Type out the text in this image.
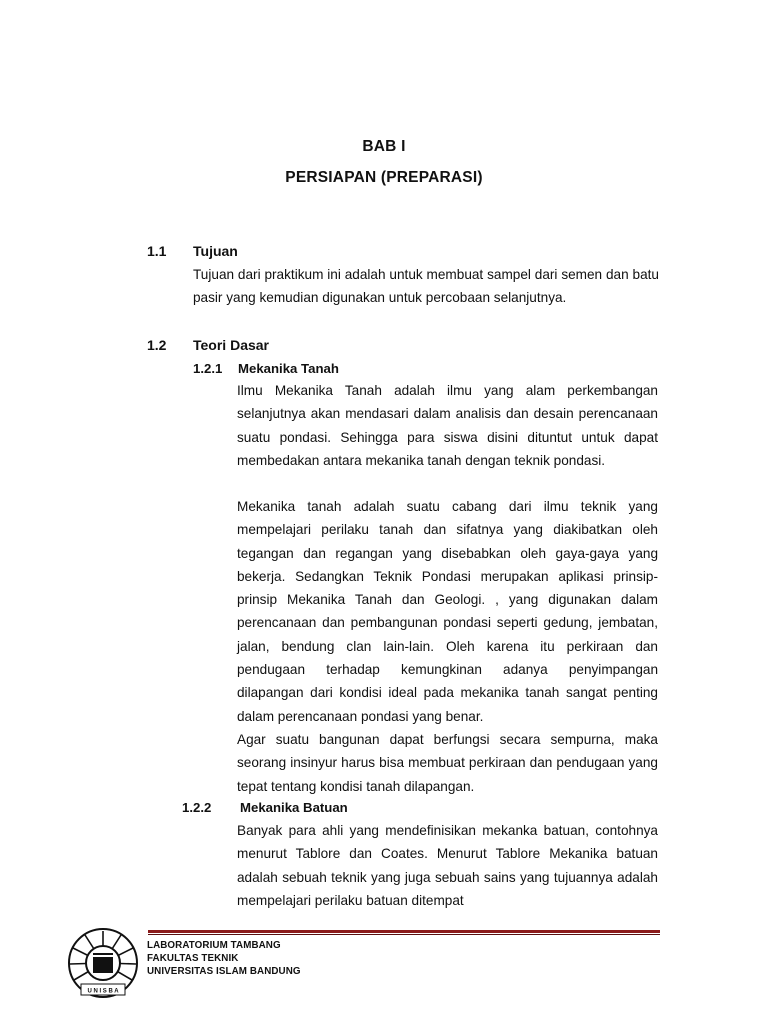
BAB I
PERSIAPAN (PREPARASI)
1.1 Tujuan

Tujuan dari praktikum ini adalah untuk membuat sampel dari semen dan batu pasir yang kemudian digunakan untuk percobaan selanjutnya.

1.2 Teori Dasar
1.2.1 Mekanika Tanah

Ilmu Mekanika Tanah adalah ilmu yang alam perkembangan selanjutnya akan mendasari dalam analisis dan desain perencanaan suatu pondasi. Sehingga para siswa disini dituntut untuk dapat membedakan antara mekanika tanah dengan teknik pondasi.

Mekanika tanah adalah suatu cabang dari ilmu teknik yang mempelajari perilaku tanah dan sifatnya yang diakibatkan oleh tegangan dan regangan yang disebabkan oleh gaya-gaya yang bekerja. Sedangkan Teknik Pondasi merupakan aplikasi prinsip-prinsip Mekanika Tanah dan Geologi. , yang digunakan dalam perencanaan dan pembangunan pondasi seperti gedung, jembatan, jalan, bendung clan lain-lain. Oleh karena itu perkiraan dan pendugaan terhadap kemungkinan adanya penyimpangan dilapangan dari kondisi ideal pada mekanika tanah sangat penting dalam perencanaan pondasi yang benar.

Agar suatu bangunan dapat berfungsi secara sempurna, maka seorang insinyur harus bisa membuat perkiraan dan pendugaan yang tepat tentang kondisi tanah dilapangan.

1.2.2 Mekanika Batuan

Banyak para ahli yang mendefinisikan mekanka batuan, contohnya menurut Tablore dan Coates. Menurut Tablore Mekanika batuan adalah sebuah teknik yang juga sebuah sains yang tujuannya adalah mempelajari perilaku batuan ditempat

U N I S B A
LABORATORIUM TAMBANG
FAKULTAS TEKNIK
UNIVERSITAS ISLAM BANDUNG
